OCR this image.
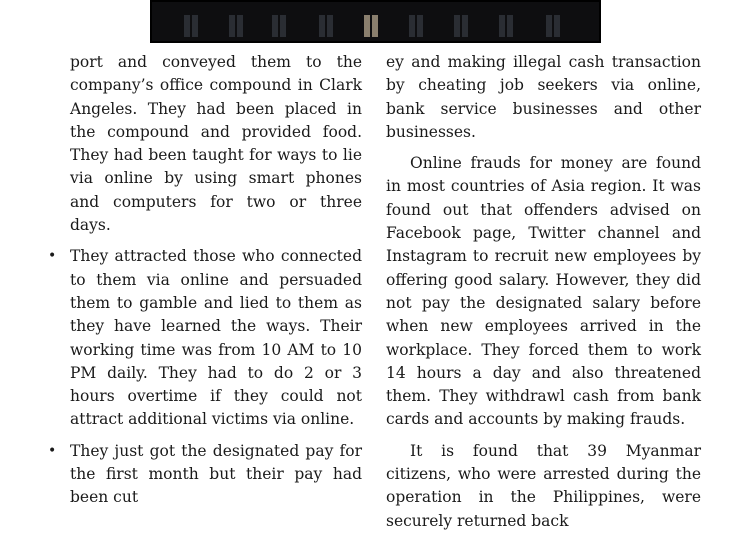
port and conveyed them to the company’s office compound in Clark Angeles. They had been placed in the compound and provided food. They had been taught for ways to lie via online by using smart phones and computers for two or three days.

• They attracted those who connected to them via online and persuaded them to gamble and lied to them as they have learned the ways. Their working time was from 10 AM to 10 PM daily. They had to do 2 or 3 hours overtime if they could not attract additional victims via online.
• They just got the designated pay for the first month but their pay had been cut

ey and making illegal cash transaction by cheating job seekers via online, bank service businesses and other businesses.

Online frauds for money are found in most countries of Asia region. It was found out that offenders advised on Facebook page, Twitter channel and Instagram to recruit new employees by offering good salary. However, they did not pay the designated salary before when new employees arrived in the workplace. They forced them to work 14 hours a day and also threatened them. They withdrawl cash from bank cards and accounts by making frauds.

It is found that 39 Myanmar citizens, who were arrested during the operation in the Philippines, were securely returned back
